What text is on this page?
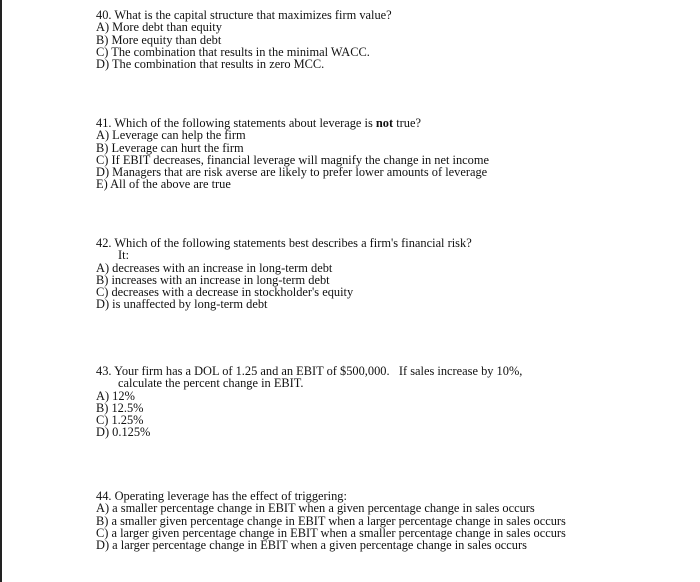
40. What is the capital structure that maximizes firm value?

A) More debt than equity

B) More equity than debt

C) The combination that results in the minimal WACC.

D) The combination that results in zero MCC.

41. Which of the following statements about leverage is not true?

A) Leverage can help the firm

B) Leverage can hurt the firm

C) If EBIT decreases, financial leverage will magnify the change in net income

D) Managers that are risk averse are likely to prefer lower amounts of leverage

E) All of the above are true

42. Which of the following statements best describes a firm's financial risk?

It:

A) decreases with an increase in long-term debt

B) increases with an increase in long-term debt

C) decreases with a decrease in stockholder's equity

D) is unaffected by long-term debt

43. Your firm has a DOL of 1.25 and an EBIT of $500,000.   If sales increase by 10%,

calculate the percent change in EBIT.

A) 12%

B) 12.5%

C) 1.25%

D) 0.125%

44. Operating leverage has the effect of triggering:

A) a smaller percentage change in EBIT when a given percentage change in sales occurs

B) a smaller given percentage change in EBIT when a larger percentage change in sales occurs

C) a larger given percentage change in EBIT when a smaller percentage change in sales occurs

D) a larger percentage change in EBIT when a given percentage change in sales occurs
